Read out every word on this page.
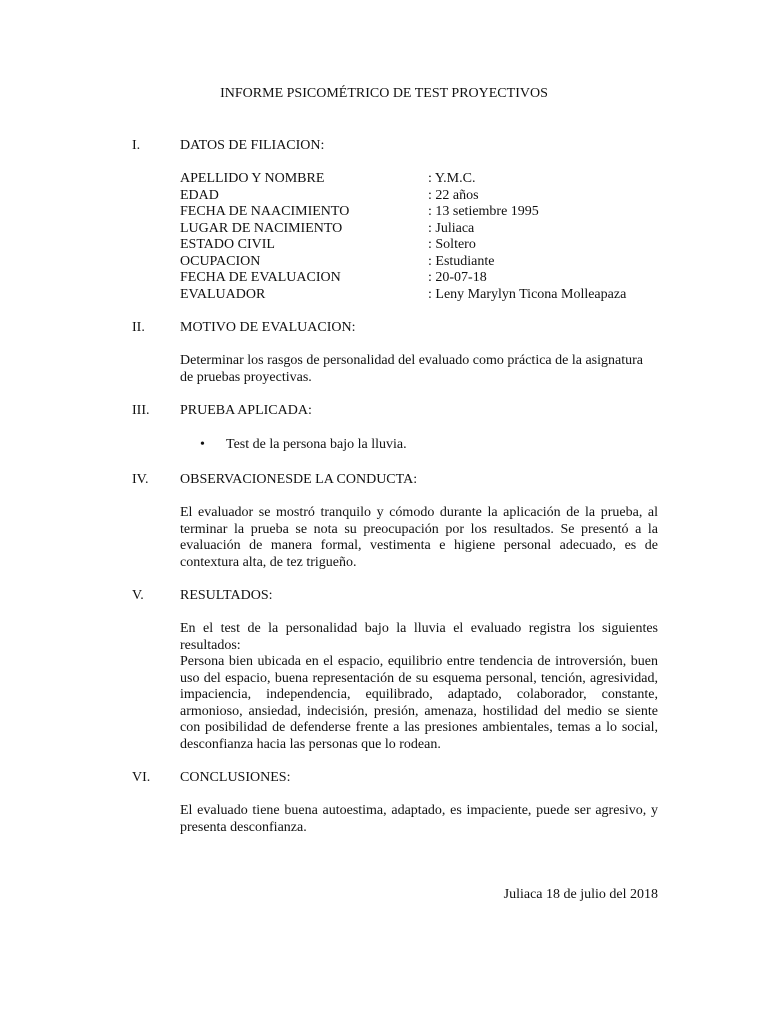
INFORME PSICOMÉTRICO DE TEST PROYECTIVOS
I.	DATOS DE FILIACION:
APELLIDO Y NOMBRE	: Y.M.C.
EDAD	: 22 años
FECHA DE NAACIMIENTO	: 13 setiembre 1995
LUGAR DE NACIMIENTO	: Juliaca
ESTADO CIVIL	: Soltero
OCUPACION	: Estudiante
FECHA DE EVALUACION	: 20-07-18
EVALUADOR	: Leny Marylyn Ticona Molleapaza
II.	MOTIVO DE EVALUACION:
Determinar los rasgos de personalidad del evaluado como práctica de la asignatura de pruebas proyectivas.
III. PRUEBA APLICADA:
• Test de la persona bajo la lluvia.
IV. OBSERVACIONESDE LA CONDUCTA:
El evaluador se mostró tranquilo y cómodo durante la aplicación de la prueba, al terminar la prueba se nota su preocupación por los resultados. Se presentó a la evaluación de manera formal, vestimenta e higiene personal adecuado, es de contextura alta, de tez trigueño.
V.	RESULTADOS:
En el test de la personalidad bajo la lluvia el evaluado registra los siguientes resultados:
Persona bien ubicada en el espacio, equilibrio entre tendencia de introversión, buen uso del espacio, buena representación de su esquema personal, tención, agresividad, impaciencia, independencia, equilibrado, adaptado, colaborador, constante, armonioso, ansiedad, indecisión, presión, amenaza, hostilidad del medio se siente con posibilidad de defenderse frente a las presiones ambientales, temas a lo social, desconfianza hacia las personas que lo rodean.
VI. CONCLUSIONES:
El evaluado tiene buena autoestima, adaptado, es impaciente, puede ser agresivo, y presenta desconfianza.
Juliaca 18 de julio del 2018
